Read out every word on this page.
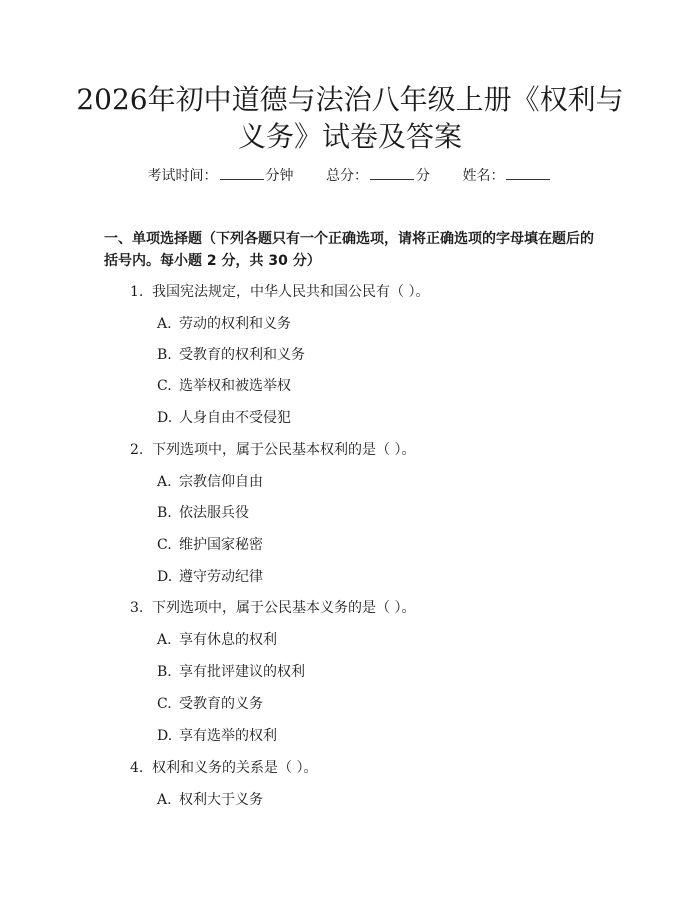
2026年初中道德与法治八年级上册《权利与
义务》试卷及答案
考试时间：	分钟 总分：	分 姓名：
一、单项选择题（下列各题只有一个正确选项，请将正确选项的字母填在题后的
括号内。每小题 2 分，共 30 分）
1. 我国宪法规定，中华人民共和国公民有（ ）。
A. 劳动的权利和义务
B. 受教育的权利和义务
C. 选举权和被选举权
D. 人身自由不受侵犯
2. 下列选项中，属于公民基本权利的是（ ）。
A. 宗教信仰自由
B. 依法服兵役
C. 维护国家秘密
D. 遵守劳动纪律
3. 下列选项中，属于公民基本义务的是（ ）。
A. 享有休息的权利
B. 享有批评建议的权利
C. 受教育的义务
D. 享有选举的权利
4. 权利和义务的关系是（ ）。
A. 权利大于义务
